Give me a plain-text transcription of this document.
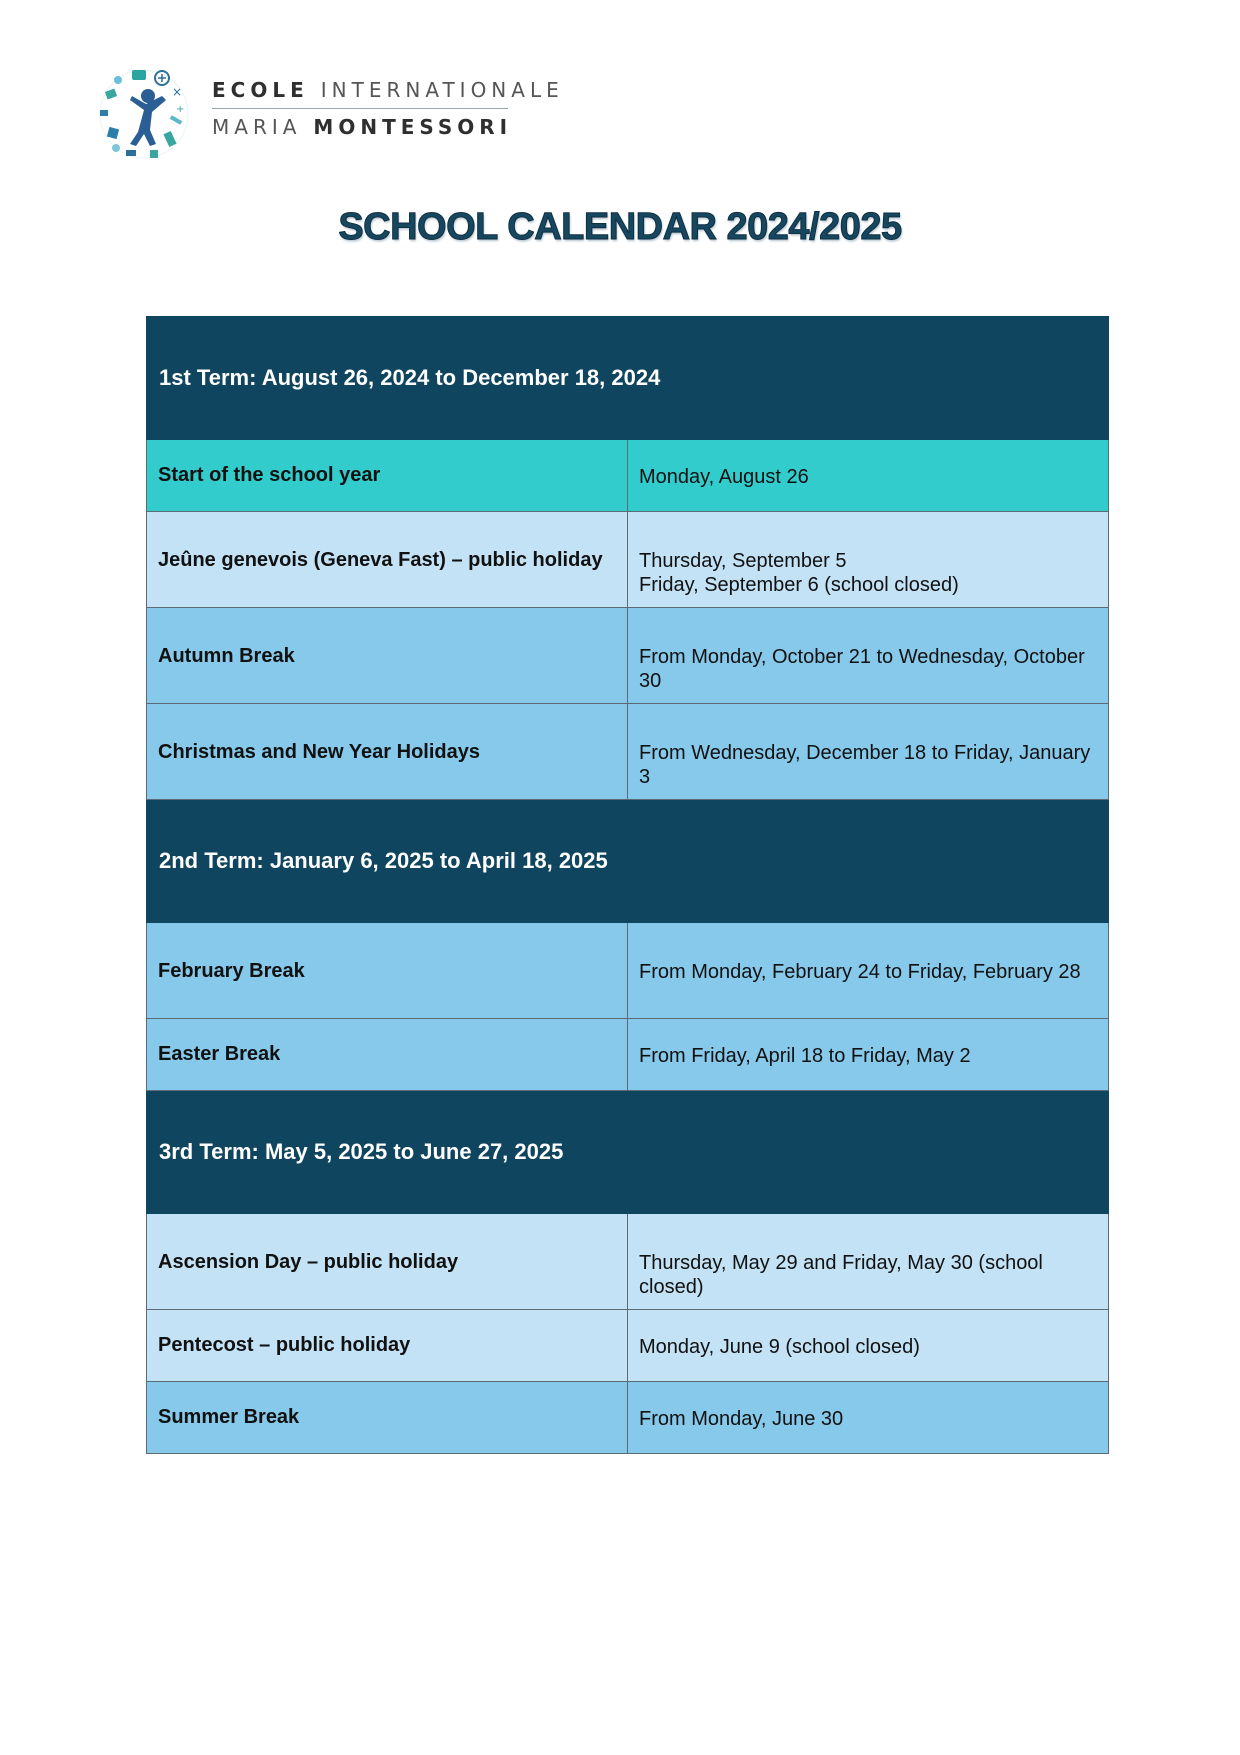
×
+
ECOLE INTERNATIONALE
MARIA MONTESSORI
SCHOOL CALENDAR 2024/2025
1st Term: August 26, 2024 to December 18, 2024	
Start of the school year	Monday, August 26
Jeûne genevois (Geneva Fast) – public holiday	Thursday, September 5
Friday, September 6 (school closed)

Autumn Break	From Monday, October 21 to Wednesday, October 30
Christmas and New Year Holidays	From Wednesday, December 18 to Friday, January 3
2nd Term: January 6, 2025 to April 18, 2025	
February Break	From Monday, February 24 to Friday, February 28
Easter Break	From Friday, April 18 to Friday, May 2
3rd Term: May 5, 2025 to June 27, 2025	
Ascension Day – public holiday	Thursday, May 29 and Friday, May 30 (school closed)
Pentecost – public holiday	Monday, June 9 (school closed)
Summer Break	From Monday, June 30
